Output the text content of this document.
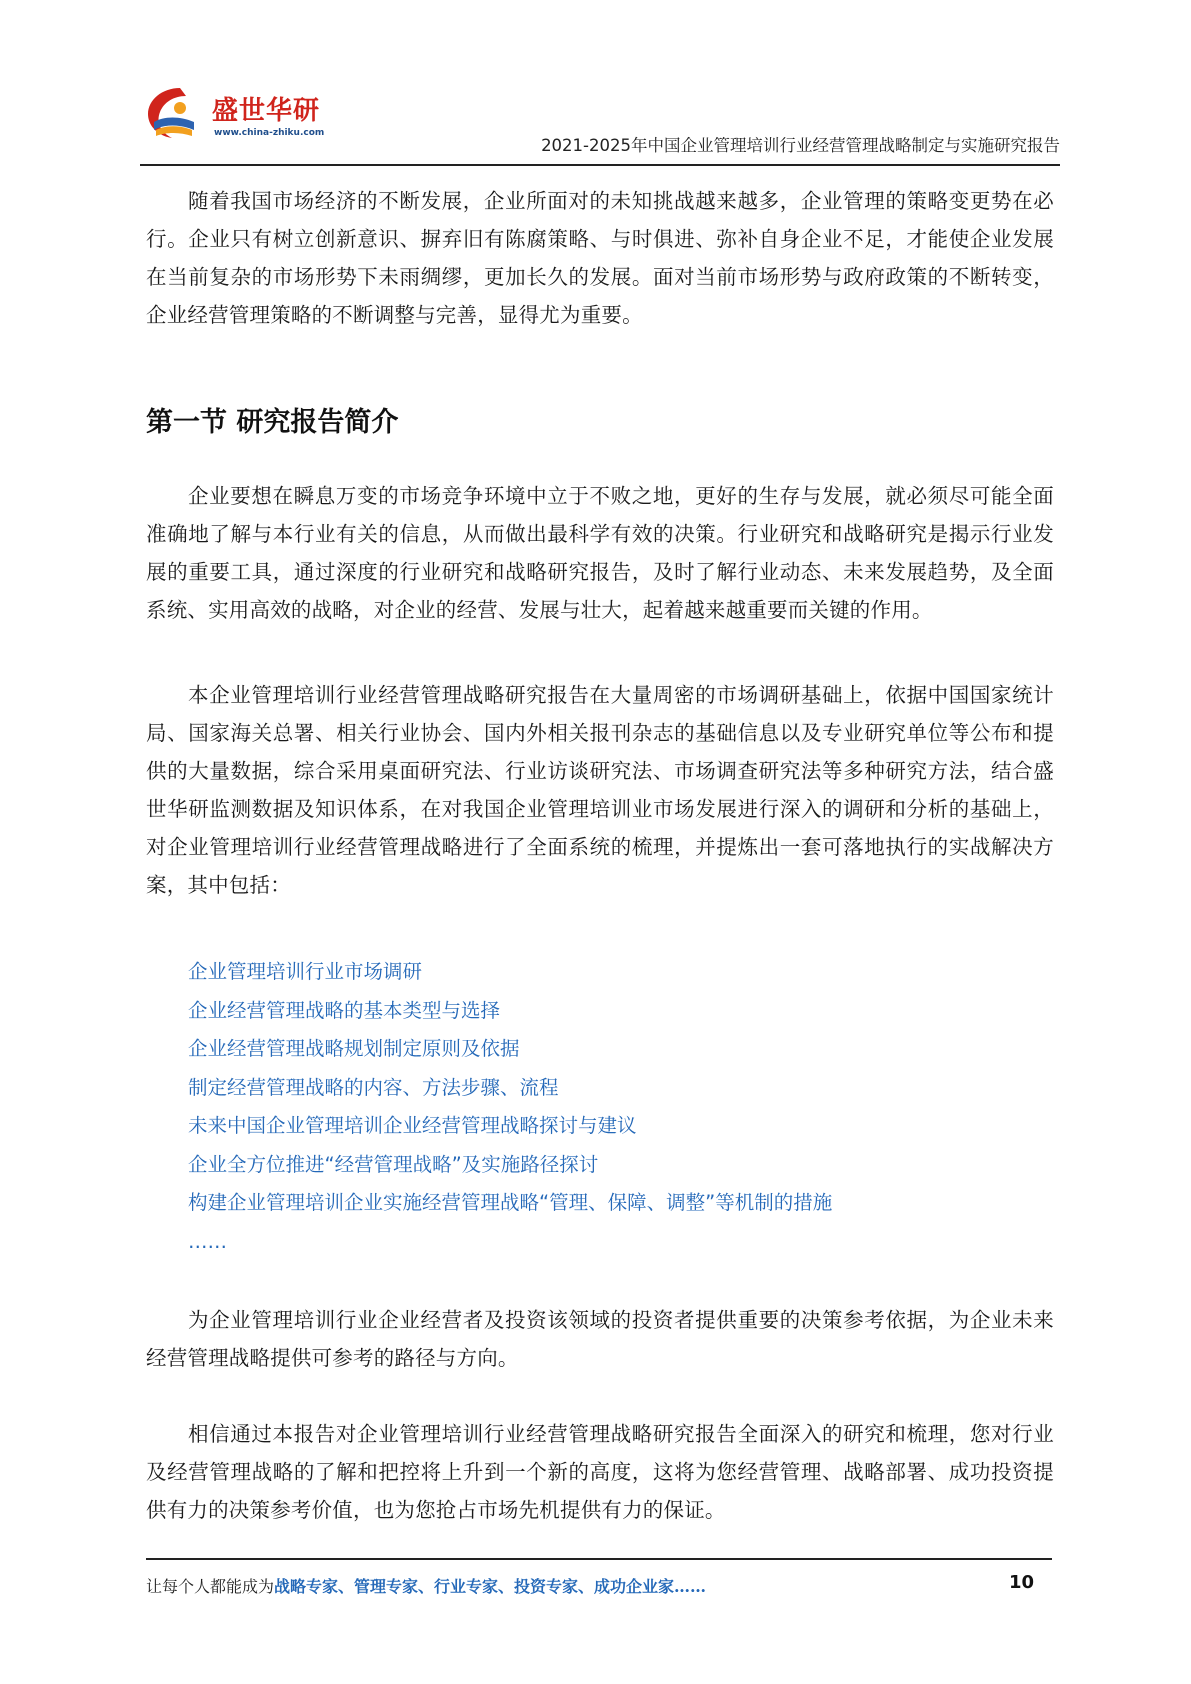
盛世华研
www.china-zhiku.com
2021-2025年中国企业管理培训行业经营管理战略制定与实施研究报告

随着我国市场经济的不断发展，企业所面对的未知挑战越来越多，企业管理的策略变更势在必行。企业只有树立创新意识、摒弃旧有陈腐策略、与时俱进、弥补自身企业不足，才能使企业发展在当前复杂的市场形势下未雨绸缪，更加长久的发展。面对当前市场形势与政府政策的不断转变，企业经营管理策略的不断调整与完善，显得尤为重要。

第一节 研究报告简介

企业要想在瞬息万变的市场竞争环境中立于不败之地，更好的生存与发展，就必须尽可能全面准确地了解与本行业有关的信息，从而做出最科学有效的决策。行业研究和战略研究是揭示行业发展的重要工具，通过深度的行业研究和战略研究报告，及时了解行业动态、未来发展趋势，及全面系统、实用高效的战略，对企业的经营、发展与壮大，起着越来越重要而关键的作用。

本企业管理培训行业经营管理战略研究报告在大量周密的市场调研基础上，依据中国国家统计局、国家海关总署、相关行业协会、国内外相关报刊杂志的基础信息以及专业研究单位等公布和提供的大量数据，综合采用桌面研究法、行业访谈研究法、市场调查研究法等多种研究方法，结合盛世华研监测数据及知识体系，在对我国企业管理培训业市场发展进行深入的调研和分析的基础上，对企业管理培训行业经营管理战略进行了全面系统的梳理，并提炼出一套可落地执行的实战解决方案，其中包括：

企业管理培训行业市场调研
企业经营管理战略的基本类型与选择
企业经营管理战略规划制定原则及依据
制定经营管理战略的内容、方法步骤、流程
未来中国企业管理培训企业经营管理战略探讨与建议
企业全方位推进“经营管理战略”及实施路径探讨
构建企业管理培训企业实施经营管理战略“管理、保障、调整”等机制的措施
……

为企业管理培训行业企业经营者及投资该领域的投资者提供重要的决策参考依据，为企业未来经营管理战略提供可参考的路径与方向。

相信通过本报告对企业管理培训行业经营管理战略研究报告全面深入的研究和梳理，您对行业及经营管理战略的了解和把控将上升到一个新的高度，这将为您经营管理、战略部署、成功投资提供有力的决策参考价值，也为您抢占市场先机提供有力的保证。

让每个人都能成为战略专家、管理专家、行业专家、投资专家、成功企业家……	10
